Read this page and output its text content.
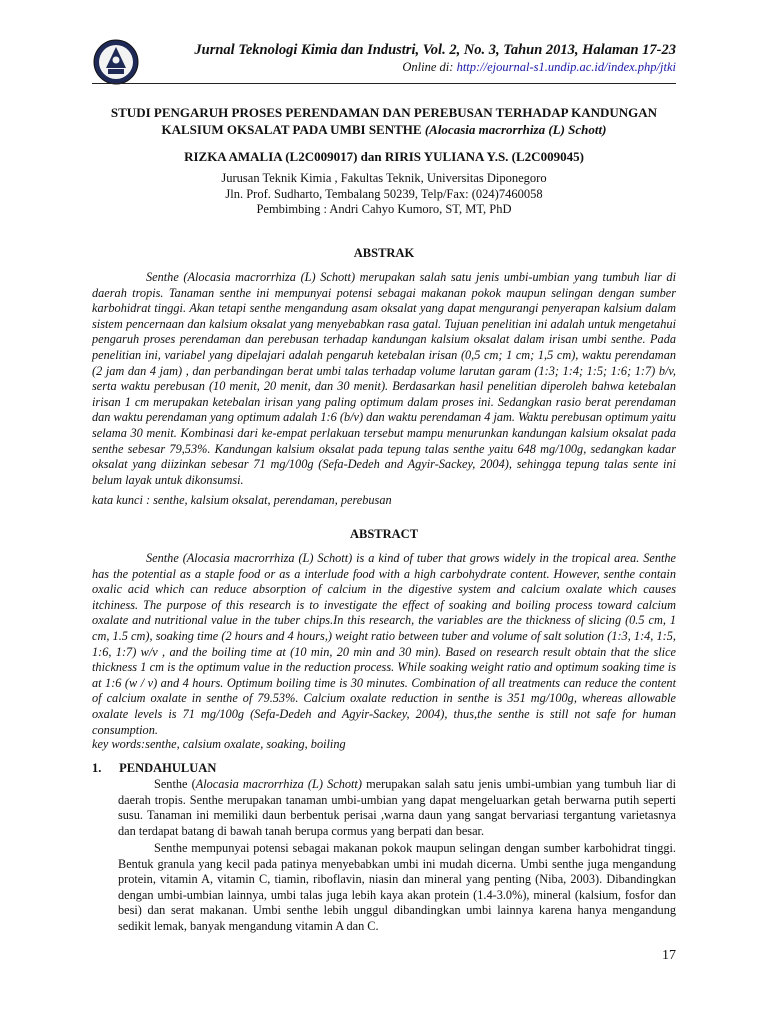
Jurnal Teknologi Kimia dan Industri, Vol. 2, No. 3, Tahun 2013, Halaman 17-23
Online di: http://ejournal-s1.undip.ac.id/index.php/jtki
STUDI PENGARUH PROSES PERENDAMAN DAN PEREBUSAN TERHADAP KANDUNGAN KALSIUM OKSALAT PADA UMBI SENTHE (Alocasia macrorrhiza (L) Schott)
RIZKA AMALIA (L2C009017) dan RIRIS YULIANA Y.S. (L2C009045)
Jurusan Teknik Kimia , Fakultas Teknik, Universitas Diponegoro
Jln. Prof. Sudharto, Tembalang 50239, Telp/Fax: (024)7460058
Pembimbing : Andri Cahyo Kumoro, ST, MT, PhD
ABSTRAK

Senthe (Alocasia macrorrhiza (L) Schott) merupakan salah satu jenis umbi-umbian yang tumbuh liar di daerah tropis. Tanaman senthe ini mempunyai potensi sebagai makanan pokok maupun selingan dengan sumber karbohidrat tinggi. Akan tetapi senthe mengandung asam oksalat yang dapat mengurangi penyerapan kalsium dalam sistem pencernaan dan kalsium oksalat yang menyebabkan rasa gatal. Tujuan penelitian ini adalah untuk mengetahui pengaruh proses perendaman dan perebusan terhadap kandungan kalsium oksalat dalam irisan umbi senthe. Pada penelitian ini, variabel yang dipelajari adalah pengaruh ketebalan irisan (0,5 cm; 1 cm; 1,5 cm), waktu perendaman (2 jam dan 4 jam) , dan perbandingan berat umbi talas terhadap volume larutan garam (1:3; 1:4; 1:5; 1:6; 1:7) b/v, serta waktu perebusan (10 menit, 20 menit, dan 30 menit). Berdasarkan hasil penelitian diperoleh bahwa ketebalan irisan 1 cm merupakan ketebalan irisan yang paling optimum dalam proses ini. Sedangkan rasio berat perendaman dan waktu perendaman yang optimum adalah 1:6 (b/v) dan waktu perendaman 4 jam. Waktu perebusan optimum yaitu selama 30 menit. Kombinasi dari ke-empat perlakuan tersebut mampu menurunkan kandungan kalsium oksalat pada senthe sebesar 79,53%. Kandungan kalsium oksalat pada tepung talas senthe yaitu 648 mg/100g, sedangkan kadar oksalat yang diizinkan sebesar 71 mg/100g (Sefa-Dedeh and Agyir-Sackey, 2004), sehingga tepung talas sente ini belum layak untuk dikonsumsi.

kata kunci : senthe, kalsium oksalat, perendaman, perebusan

ABSTRACT

Senthe (Alocasia macrorrhiza (L) Schott) is a kind of tuber that grows widely in the tropical area. Senthe has the potential as a staple food or as a interlude food with a high carbohydrate content. However, senthe contain oxalic acid which can reduce absorption of calcium in the digestive system and calcium oxalate which causes itchiness. The purpose of this research is to investigate the effect of soaking and boiling process toward calcium oxalate and nutritional value in the tuber chips.In this research, the variables are the thickness of slicing (0.5 cm, 1 cm, 1.5 cm), soaking time (2 hours and 4 hours,) weight ratio between tuber and volume of salt solution (1:3, 1:4, 1:5, 1:6, 1:7) w/v , and the boiling time at (10 min, 20 min and 30 min). Based on research result obtain that the slice thickness 1 cm is the optimum value in the reduction process. While soaking weight ratio and optimum soaking time is at 1:6 (w / v) and 4 hours. Optimum boiling time is 30 minutes. Combination of all treatments can reduce the content of calcium oxalate in senthe of 79.53%. Calcium oxalate reduction in senthe is 351 mg/100g, whereas allowable oxalate levels is 71 mg/100g (Sefa-Dedeh and Agyir-Sackey, 2004), thus,the senthe is still not safe for human consumption.

key words:senthe, calsium oxalate, soaking, boiling

1. PENDAHULUAN

Senthe (Alocasia macrorrhiza (L) Schott) merupakan salah satu jenis umbi-umbian yang tumbuh liar di daerah tropis. Senthe merupakan tanaman umbi-umbian yang dapat mengeluarkan getah berwarna putih seperti susu. Tanaman ini memiliki daun berbentuk perisai ,warna daun yang sangat bervariasi tergantung varietasnya dan terdapat batang di bawah tanah berupa cormus yang berpati dan besar.

Senthe mempunyai potensi sebagai makanan pokok maupun selingan dengan sumber karbohidrat tinggi. Bentuk granula yang kecil pada patinya menyebabkan umbi ini mudah dicerna. Umbi senthe juga mengandung protein, vitamin A, vitamin C, tiamin, riboflavin, niasin dan mineral yang penting (Niba, 2003). Dibandingkan dengan umbi-umbian lainnya, umbi talas juga lebih kaya akan protein (1.4-3.0%), mineral (kalsium, fosfor dan besi) dan serat makanan. Umbi senthe lebih unggul dibandingkan umbi lainnya karena hanya mengandung sedikit lemak, banyak mengandung vitamin A dan C.

17
